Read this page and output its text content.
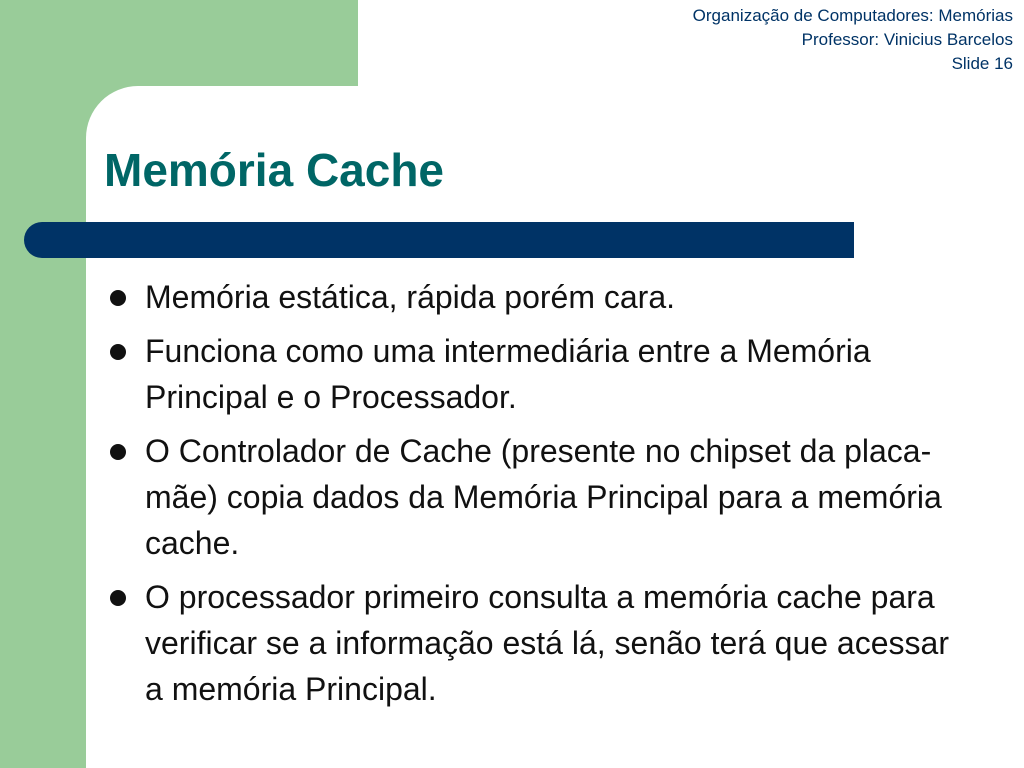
Organização de Computadores: Memórias
Professor: Vinicius Barcelos
Slide 16
Memória Cache
Memória estática, rápida porém cara.
Funciona como uma intermediária entre a Memória Principal e o Processador.
O Controlador de Cache (presente no chipset da placa-mãe) copia dados da Memória Principal para a memória cache.
O processador primeiro consulta a memória cache para verificar se a informação está lá, senão terá que acessar a memória Principal.
